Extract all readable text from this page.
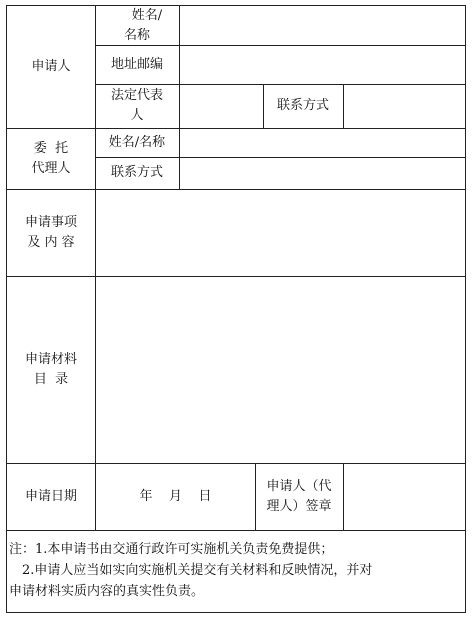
申请人
姓名/
名称
地址邮编
法定代表
人
联系方式
委  托
代理人
姓名/名称
联系方式
申请事项
及 内 容
申请材料
目  录
申请日期	年    月    日
申请人（代
理人）签章
注：1.本申请书由交通行政许可实施机关负责免费提供；
2.申请人应当如实向实施机关提交有关材料和反映情况，并对
申请材料实质内容的真实性负责。
